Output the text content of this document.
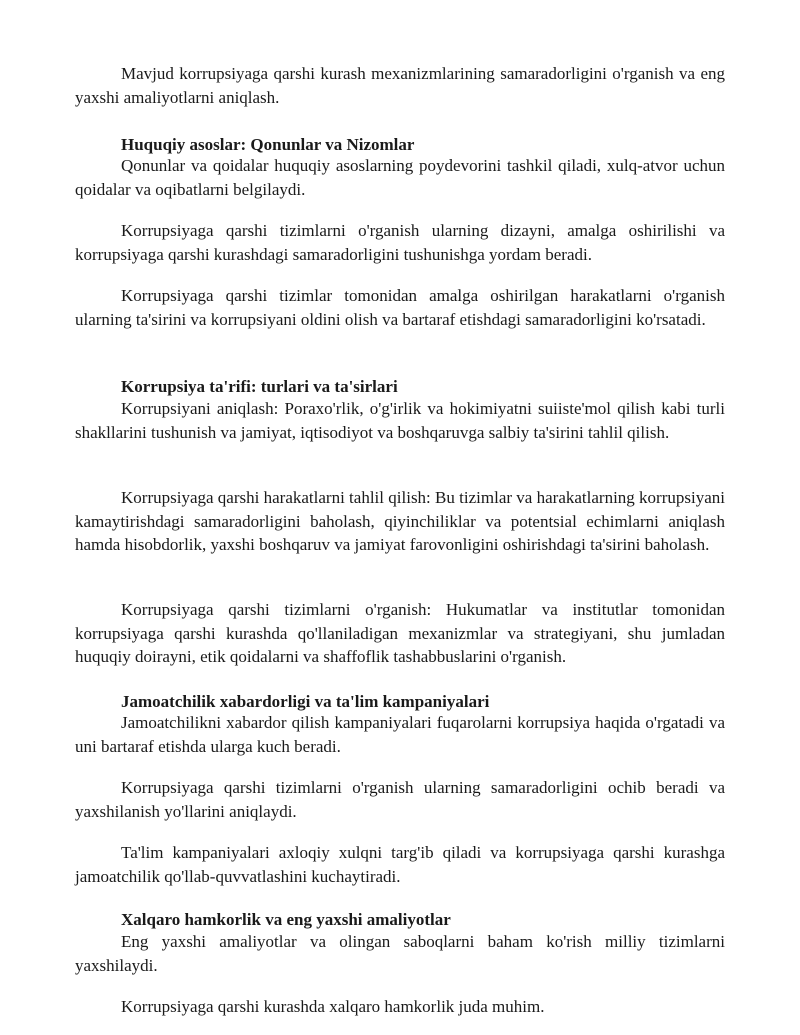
Mavjud korrupsiyaga qarshi kurash mexanizmlarining samaradorligini o'rganish va eng yaxshi amaliyotlarni aniqlash.

Huquqiy asoslar: Qonunlar va Nizomlar

Qonunlar va qoidalar huquqiy asoslarning poydevorini tashkil qiladi, xulq-atvor uchun qoidalar va oqibatlarni belgilaydi.

Korrupsiyaga qarshi tizimlarni o'rganish ularning dizayni, amalga oshirilishi va korrupsiyaga qarshi kurashdagi samaradorligini tushunishga yordam beradi.

Korrupsiyaga qarshi tizimlar tomonidan amalga oshirilgan harakatlarni o'rganish ularning ta'sirini va korrupsiyani oldini olish va bartaraf etishdagi samaradorligini ko'rsatadi.

Korrupsiya ta'rifi: turlari va ta'sirlari

Korrupsiyani aniqlash: Poraxo'rlik, o'g'irlik va hokimiyatni suiiste'mol qilish kabi turli shakllarini tushunish va jamiyat, iqtisodiyot va boshqaruvga salbiy ta'sirini tahlil qilish.

Korrupsiyaga qarshi harakatlarni tahlil qilish: Bu tizimlar va harakatlarning korrupsiyani kamaytirishdagi samaradorligini baholash, qiyinchiliklar va potentsial echimlarni aniqlash hamda hisobdorlik, yaxshi boshqaruv va jamiyat farovonligini oshirishdagi ta'sirini baholash.

Korrupsiyaga qarshi tizimlarni o'rganish: Hukumatlar va institutlar tomonidan korrupsiyaga qarshi kurashda qo'llaniladigan mexanizmlar va strategiyani, shu jumladan huquqiy doirayni, etik qoidalarni va shaffoflik tashabbuslarini o'rganish.

Jamoatchilik xabardorligi va ta'lim kampaniyalari

Jamoatchilikni xabardor qilish kampaniyalari fuqarolarni korrupsiya haqida o'rgatadi va uni bartaraf etishda ularga kuch beradi.

Korrupsiyaga qarshi tizimlarni o'rganish ularning samaradorligini ochib beradi va yaxshilanish yo'llarini aniqlaydi.

Ta'lim kampaniyalari axloqiy xulqni targ'ib qiladi va korrupsiyaga qarshi kurashga jamoatchilik qo'llab-quvvatlashini kuchaytiradi.

Xalqaro hamkorlik va eng yaxshi amaliyotlar

Eng yaxshi amaliyotlar va olingan saboqlarni baham ko'rish milliy tizimlarni yaxshilaydi.

Korrupsiyaga qarshi kurashda xalqaro hamkorlik juda muhim.
